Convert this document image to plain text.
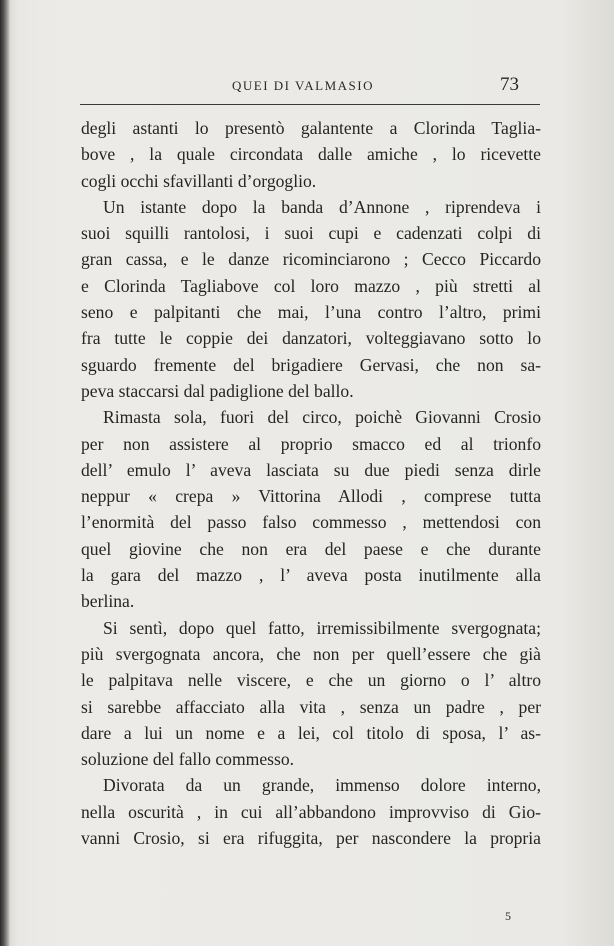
QUEI DI VALMASIO	73
degli astanti lo presentò galantente a Clorinda Taglia-
bove , la quale circondata dalle amiche , lo ricevette
cogli occhi sfavillanti d’orgoglio.
Un istante dopo la banda d’Annone , riprendeva i
suoi squilli rantolosi, i suoi cupi e cadenzati colpi di
gran cassa, e le danze ricominciarono ; Cecco Piccardo
e Clorinda Tagliabove col loro mazzo , più stretti al
seno e palpitanti che mai, l’una contro l’altro, primi
fra tutte le coppie dei danzatori, volteggiavano sotto lo
sguardo fremente del brigadiere Gervasi, che non sa-
peva staccarsi dal padiglione del ballo.
Rimasta sola, fuori del circo, poichè Giovanni Crosio
per non assistere al proprio smacco ed al trionfo
dell’ emulo l’ aveva lasciata su due piedi senza dirle
neppur « crepa » Vittorina Allodi , comprese tutta
l’enormità del passo falso commesso , mettendosi con
quel giovine che non era del paese e che durante
la gara del mazzo , l’ aveva posta inutilmente alla
berlina.
Si sentì, dopo quel fatto, irremissibilmente svergognata;
più svergognata ancora, che non per quell’essere che già
le palpitava nelle viscere, e che un giorno o l’ altro
si sarebbe affacciato alla vita , senza un padre , per
dare a lui un nome e a lei, col titolo di sposa, l’ as-
soluzione del fallo commesso.
Divorata da un grande, immenso dolore interno,
nella oscurità , in cui all’abbandono improvviso di Gio-
vanni Crosio, si era rifuggita, per nascondere la propria
5
